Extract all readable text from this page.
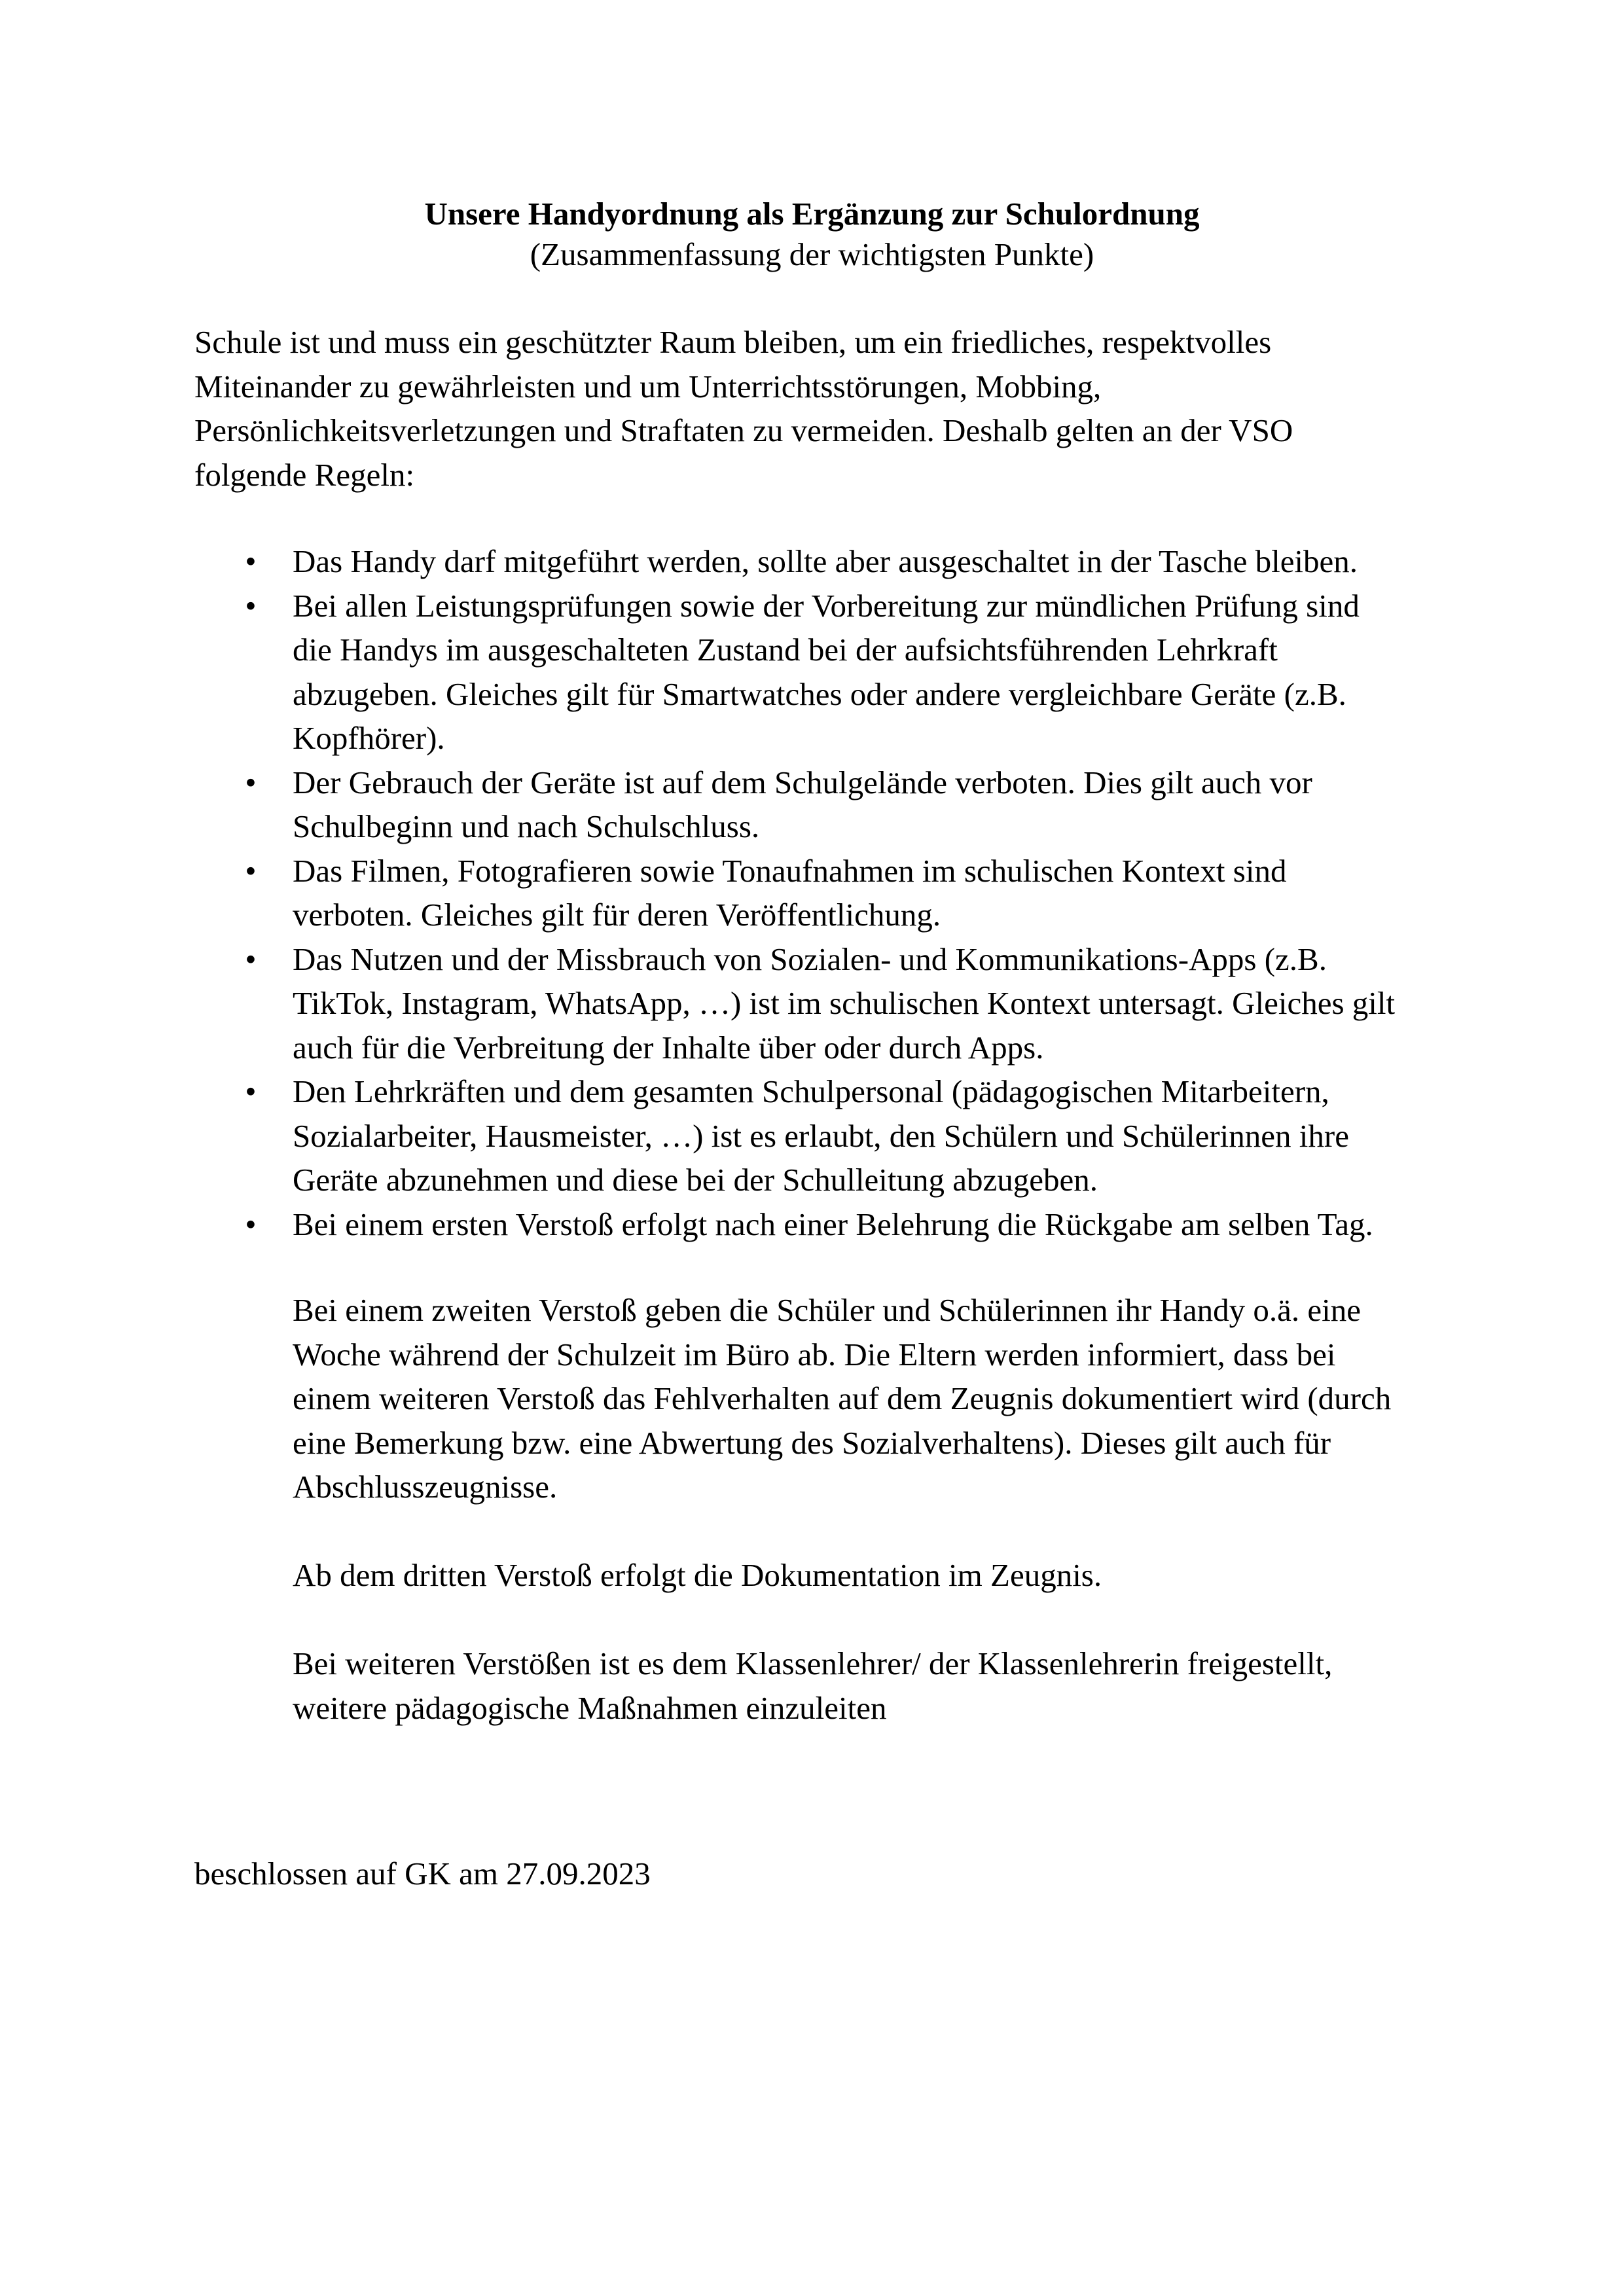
Unsere Handyordnung als Ergänzung zur Schulordnung

(Zusammenfassung der wichtigsten Punkte)

Schule ist und muss ein geschützter Raum bleiben, um ein friedliches, respektvolles
Miteinander zu gewährleisten und um Unterrichtsstörungen, Mobbing,
Persönlichkeitsverletzungen und Straftaten zu vermeiden. Deshalb gelten an der VSO
folgende Regeln:

• Das Handy darf mitgeführt werden, sollte aber ausgeschaltet in der Tasche bleiben.
• Bei allen Leistungsprüfungen sowie der Vorbereitung zur mündlichen Prüfung sind
die Handys im ausgeschalteten Zustand bei der aufsichtsführenden Lehrkraft
abzugeben. Gleiches gilt für Smartwatches oder andere vergleichbare Geräte (z.B.
Kopfhörer).
• Der Gebrauch der Geräte ist auf dem Schulgelände verboten. Dies gilt auch vor
Schulbeginn und nach Schulschluss.
• Das Filmen, Fotografieren sowie Tonaufnahmen im schulischen Kontext sind
verboten. Gleiches gilt für deren Veröffentlichung.
• Das Nutzen und der Missbrauch von Sozialen- und Kommunikations-Apps (z.B.
TikTok, Instagram, WhatsApp, …) ist im schulischen Kontext untersagt. Gleiches gilt
auch für die Verbreitung der Inhalte über oder durch Apps.
• Den Lehrkräften und dem gesamten Schulpersonal (pädagogischen Mitarbeitern,
Sozialarbeiter, Hausmeister, …) ist es erlaubt, den Schülern und Schülerinnen ihre
Geräte abzunehmen und diese bei der Schulleitung abzugeben.
• Bei einem ersten Verstoß erfolgt nach einer Belehrung die Rückgabe am selben Tag.

Bei einem zweiten Verstoß geben die Schüler und Schülerinnen ihr Handy o.ä. eine
Woche während der Schulzeit im Büro ab. Die Eltern werden informiert, dass bei
einem weiteren Verstoß das Fehlverhalten auf dem Zeugnis dokumentiert wird (durch
eine Bemerkung bzw. eine Abwertung des Sozialverhaltens). Dieses gilt auch für
Abschlusszeugnisse.

Ab dem dritten Verstoß erfolgt die Dokumentation im Zeugnis.

Bei weiteren Verstößen ist es dem Klassenlehrer/ der Klassenlehrerin freigestellt,
weitere pädagogische Maßnahmen einzuleiten

beschlossen auf GK am 27.09.2023
